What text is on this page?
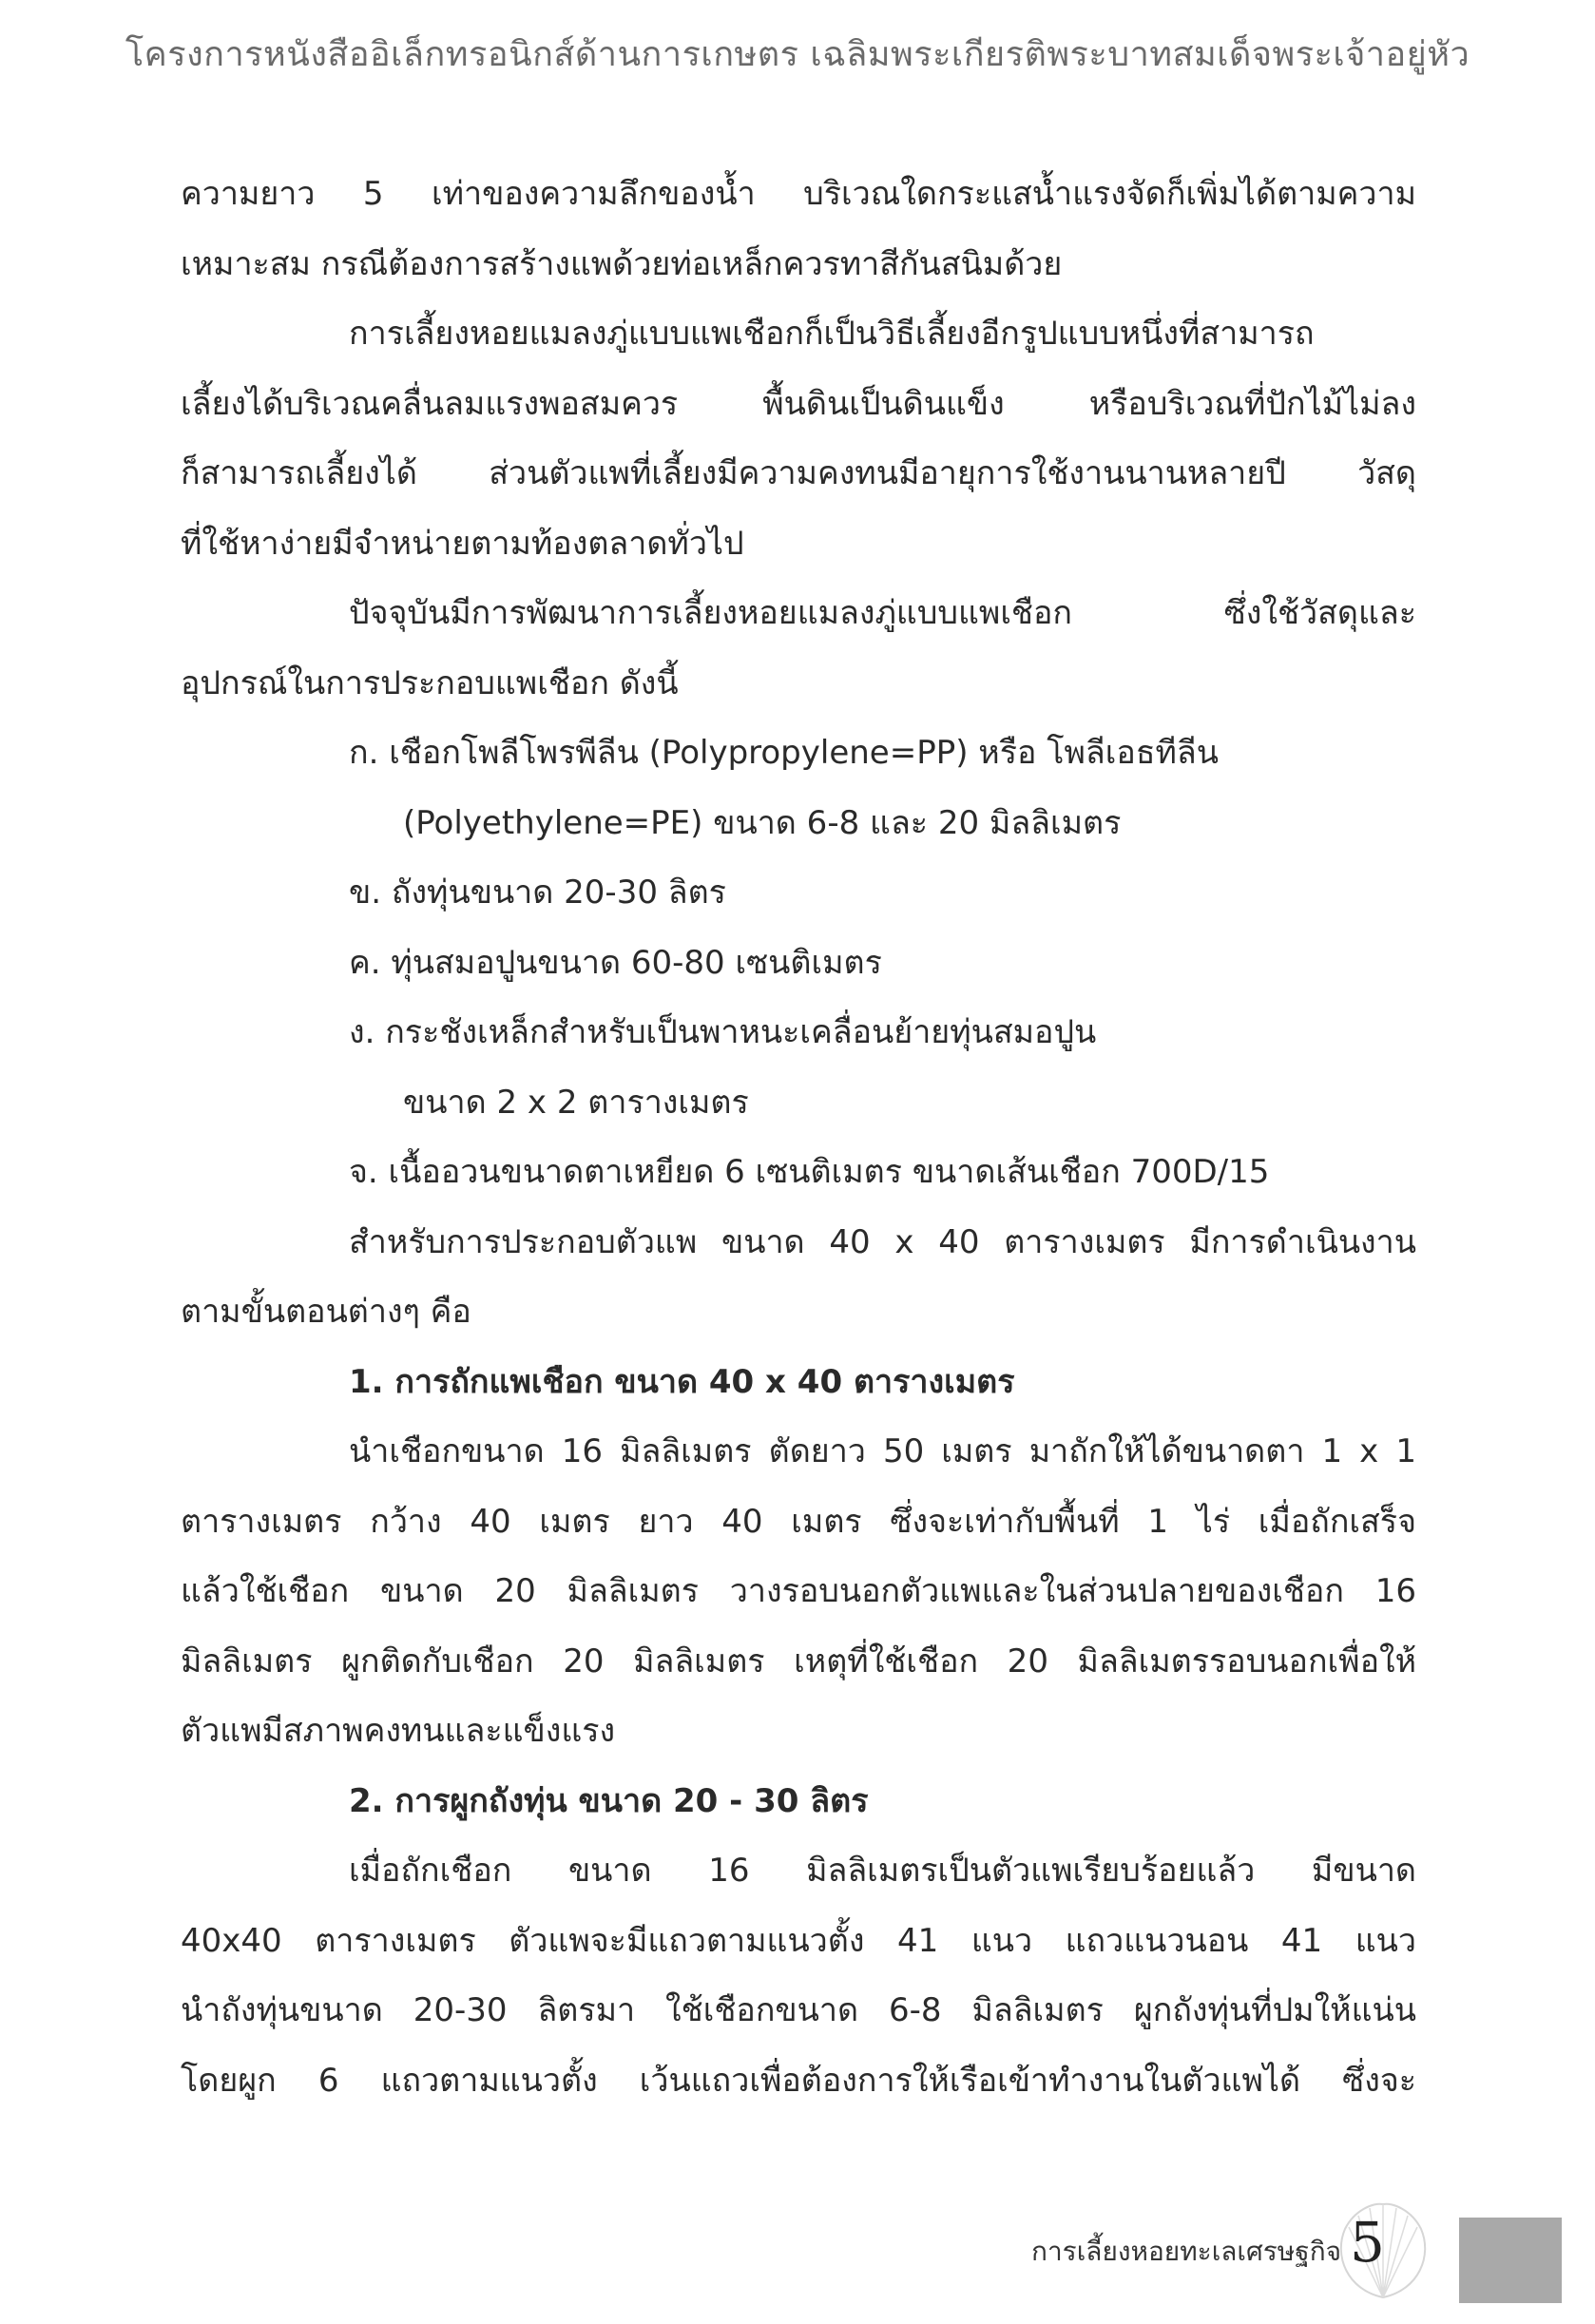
โครงการหนังสืออิเล็กทรอนิกส์ด้านการเกษตร เฉลิมพระเกียรติพระบาทสมเด็จพระเจ้าอยู่หัว
ความยาว 5 เท่าของความลึกของน้ำ บริเวณใดกระแสน้ำแรงจัดก็เพิ่มได้ตามความ
เหมาะสม กรณีต้องการสร้างแพด้วยท่อเหล็กควรทาสีกันสนิมด้วย
การเลี้ยงหอยแมลงภู่แบบแพเชือกก็เป็นวิธีเลี้ยงอีกรูปแบบหนึ่งที่สามารถ
เลี้ยงได้บริเวณคลื่นลมแรงพอสมควร พื้นดินเป็นดินแข็ง หรือบริเวณที่ปักไม้ไม่ลง
ก็สามารถเลี้ยงได้ ส่วนตัวแพที่เลี้ยงมีความคงทนมีอายุการใช้งานนานหลายปี วัสดุ
ที่ใช้หาง่ายมีจำหน่ายตามท้องตลาดทั่วไป
ปัจจุบันมีการพัฒนาการเลี้ยงหอยแมลงภู่แบบแพเชือก ซึ่งใช้วัสดุและ
อุปกรณ์ในการประกอบแพเชือก ดังนี้
ก. เชือกโพลีโพรพีลีน (Polypropylene=PP) หรือ โพลีเอธทีลีน
(Polyethylene=PE) ขนาด 6-8 และ 20 มิลลิเมตร
ข. ถังทุ่นขนาด 20-30 ลิตร
ค. ทุ่นสมอปูนขนาด 60-80 เซนติเมตร
ง. กระชังเหล็กสำหรับเป็นพาหนะเคลื่อนย้ายทุ่นสมอปูน
ขนาด 2 x 2 ตารางเมตร
จ. เนื้ออวนขนาดตาเหยียด 6 เซนติเมตร ขนาดเส้นเชือก 700D/15
สำหรับการประกอบตัวแพ ขนาด 40 x 40 ตารางเมตร มีการดำเนินงาน
ตามขั้นตอนต่างๆ คือ
1. การถักแพเชือก ขนาด 40 x 40 ตารางเมตร
นำเชือกขนาด 16 มิลลิเมตร ตัดยาว 50 เมตร มาถักให้ได้ขนาดตา 1 x 1
ตารางเมตร กว้าง 40 เมตร ยาว 40 เมตร ซึ่งจะเท่ากับพื้นที่ 1 ไร่ เมื่อถักเสร็จ
แล้วใช้เชือก ขนาด 20 มิลลิเมตร วางรอบนอกตัวแพและในส่วนปลายของเชือก 16
มิลลิเมตร ผูกติดกับเชือก 20 มิลลิเมตร เหตุที่ใช้เชือก 20 มิลลิเมตรรอบนอกเพื่อให้
ตัวแพมีสภาพคงทนและแข็งแรง
2. การผูกถังทุ่น ขนาด 20 - 30 ลิตร
เมื่อถักเชือก ขนาด 16 มิลลิเมตรเป็นตัวแพเรียบร้อยแล้ว มีขนาด
40x40 ตารางเมตร ตัวแพจะมีแถวตามแนวตั้ง 41 แนว แถวแนวนอน 41 แนว
นำถังทุ่นขนาด 20-30 ลิตรมา ใช้เชือกขนาด 6-8 มิลลิเมตร ผูกถังทุ่นที่ปมให้แน่น
โดยผูก 6 แถวตามแนวตั้ง เว้นแถวเพื่อต้องการให้เรือเข้าทำงานในตัวแพได้ ซึ่งจะ
การเลี้ยงหอยทะเลเศรษฐกิจ 5
